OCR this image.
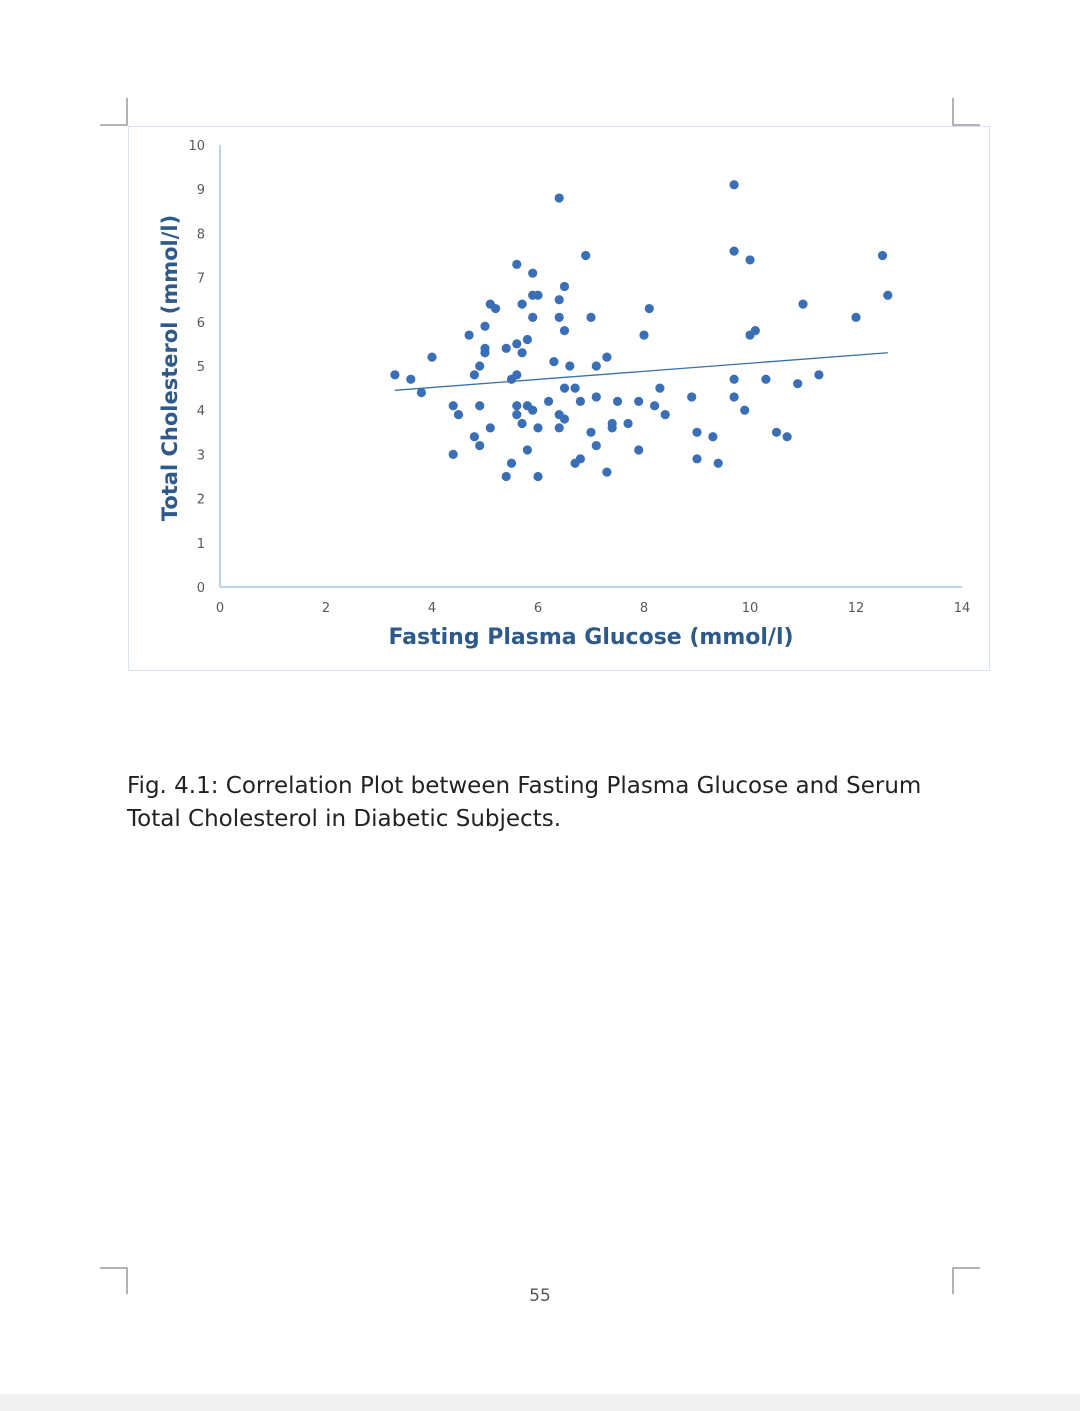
0	2	4	6	8	10	12	14
0
1
2
3
4
5
6
7
8
9
10
Fasting Plasma Glucose (mmol/l)
Total Cholesterol (mmol/l)
Fig. 4.1: Correlation Plot between Fasting Plasma Glucose and Serum Total Cholesterol in Diabetic Subjects.
55
